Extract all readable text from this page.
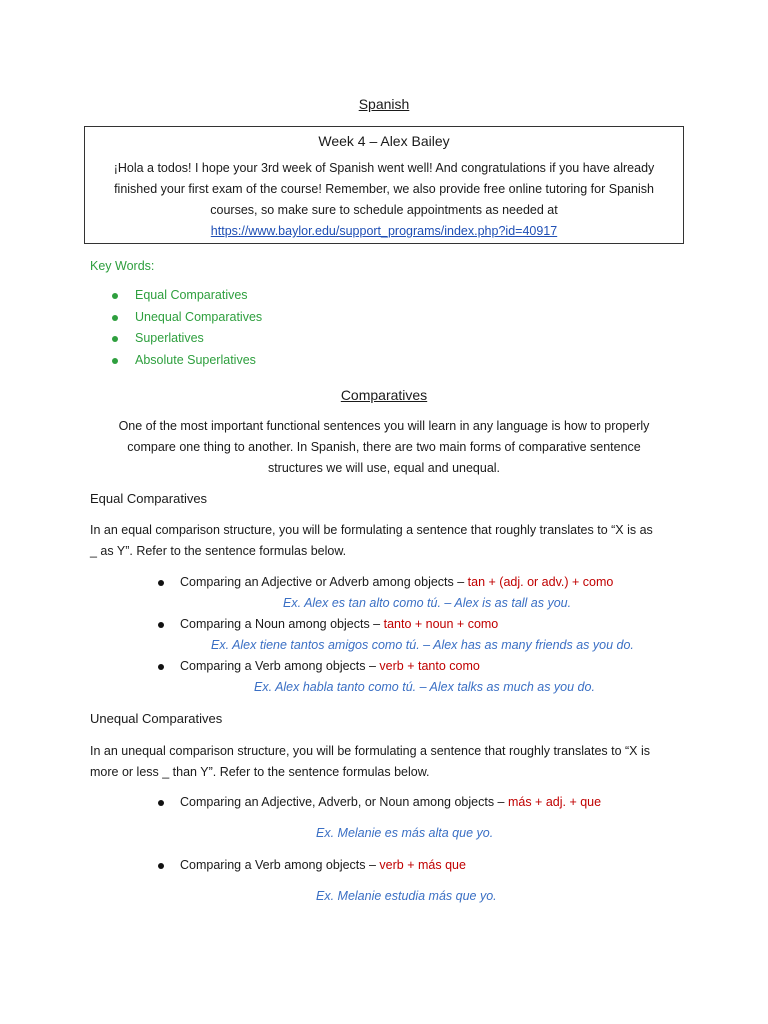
Spanish
Week 4 – Alex Bailey
¡Hola a todos! I hope your 3rd week of Spanish went well! And congratulations if you have already
finished your first exam of the course! Remember, we also provide free online tutoring for Spanish
courses, so make sure to schedule appointments as needed at
https://www.baylor.edu/support_programs/index.php?id=40917
Key Words:
Equal Comparatives
Unequal Comparatives
Superlatives
Absolute Superlatives
Comparatives
One of the most important functional sentences you will learn in any language is how to properly
compare one thing to another. In Spanish, there are two main forms of comparative sentence
structures we will use, equal and unequal.
Equal Comparatives
In an equal comparison structure, you will be formulating a sentence that roughly translates to “X is as
_ as Y”. Refer to the sentence formulas below.
Comparing an Adjective or Adverb among objects – tan + (adj. or adv.) + como
Ex. Alex es tan alto como tú. – Alex is as tall as you.
Comparing a Noun among objects – tanto + noun + como
Ex. Alex tiene tantos amigos como tú. – Alex has as many friends as you do.
Comparing a Verb among objects – verb + tanto como
Ex. Alex habla tanto como tú. – Alex talks as much as you do.
Unequal Comparatives
In an unequal comparison structure, you will be formulating a sentence that roughly translates to “X is
more or less _ than Y”. Refer to the sentence formulas below.
Comparing an Adjective, Adverb, or Noun among objects – más + adj. + que
Ex. Melanie es más alta que yo.
Comparing a Verb among objects – verb + más que
Ex. Melanie estudia más que yo.
